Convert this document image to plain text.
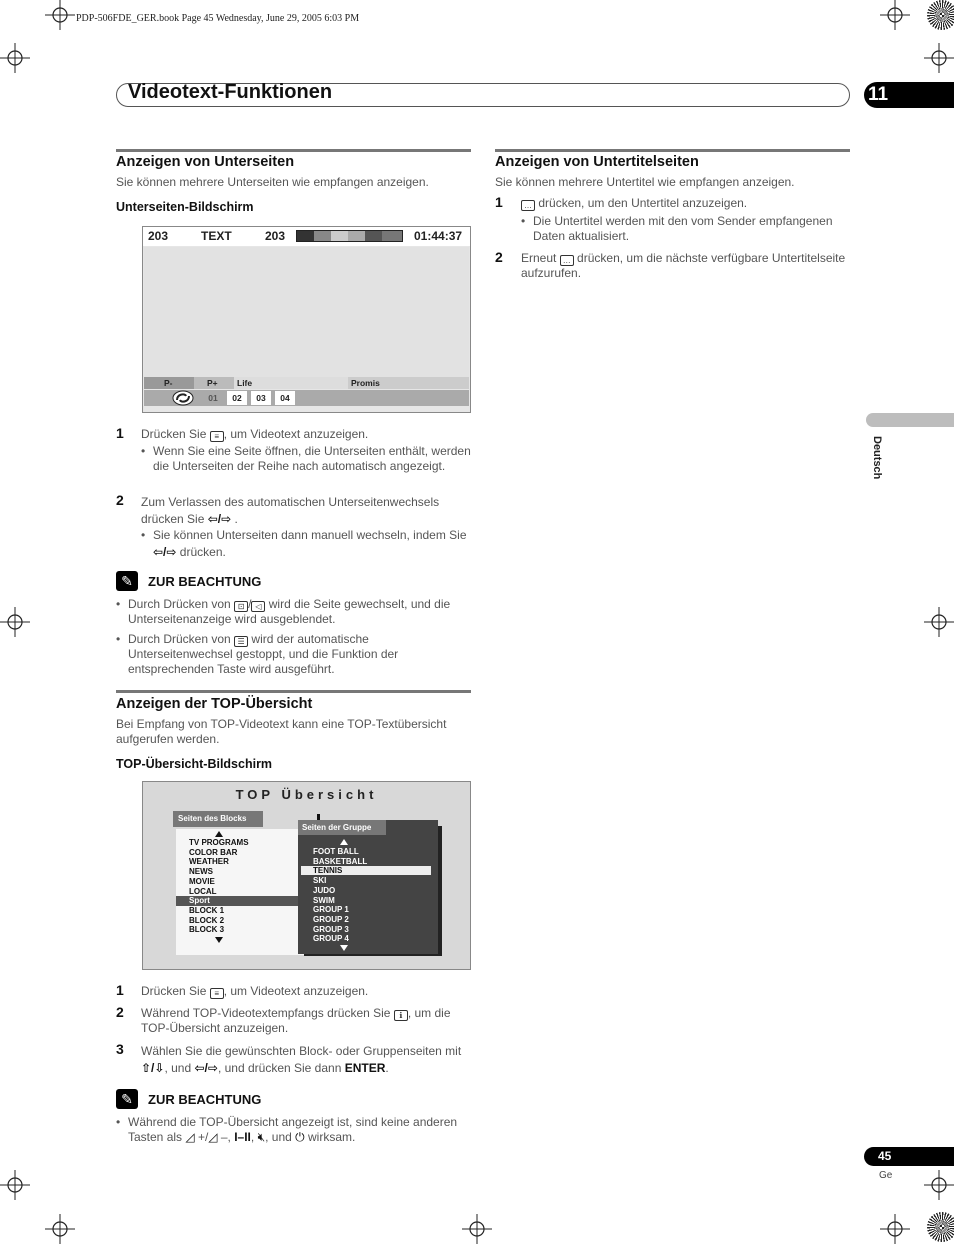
PDP-506FDE_GER.book Page 45 Wednesday, June 29, 2005 6:03 PM
Videotext-Funktionen	11
Deutsch
Anzeigen von Unterseiten
Sie können mehrere Unterseiten wie empfangen anzeigen.
Unterseiten-Bildschirm
203	TEXT	203	01:44:37
P-	P+	Life	Promis
01	02	03	04
1 Drücken Sie ≡ , um Videotext anzuzeigen.
• Wenn Sie eine Seite öffnen, die Unterseiten enthält, werden die Unterseiten der Reihe nach automatisch angezeigt.
2 Zum Verlassen des automatischen Unterseitenwechsels drücken Sie ⇦/⇨ .
• Sie können Unterseiten dann manuell wechseln, indem Sie ⇦/⇨ drücken.
✎	ZUR BEACHTUNG
• Durch Drücken von ⊡ / ◁ wird die Seite gewechselt, und die Unterseitenanzeige wird ausgeblendet.
• Durch Drücken von ☰ wird der automatische Unterseitenwechsel gestoppt, und die Funktion der entsprechenden Taste wird ausgeführt.
Anzeigen der TOP-Übersicht
Bei Empfang von TOP-Videotext kann eine TOP-Textübersicht aufgerufen werden.
TOP-Übersicht-Bildschirm
TOP Übersicht
Seiten des Blocks
TV PROGRAMS
COLOR BAR
WEATHER
NEWS
MOVIE
LOCAL
Sport
BLOCK 1
BLOCK 2
BLOCK 3
Seiten der Gruppe
FOOT BALL
BASKETBALL
TENNIS
SKI
JUDO
SWIM
GROUP 1
GROUP 2
GROUP 3
GROUP 4
1 Drücken Sie ≡ , um Videotext anzuzeigen.
2 Während TOP-Videotextempfangs drücken Sie ℹ , um die TOP-Übersicht anzuzeigen.
3 Wählen Sie die gewünschten Block- oder Gruppenseiten mit ⇧/⇩, und ⇦/⇨, und drücken Sie dann ENTER.
✎	ZUR BEACHTUNG
• Während die TOP-Übersicht angezeigt ist, sind keine anderen Tasten als ◿ +/◿ –, I–II, 🔇︎, und ⏻ wirksam.
Anzeigen von Untertitelseiten
Sie können mehrere Untertitel wie empfangen anzeigen.
1	… drücken, um den Untertitel anzuzeigen.
• Die Untertitel werden mit den vom Sender empfangenen Daten aktualisiert.
2 Erneut … drücken, um die nächste verfügbare Untertitelseite aufzurufen.
45
Ge
